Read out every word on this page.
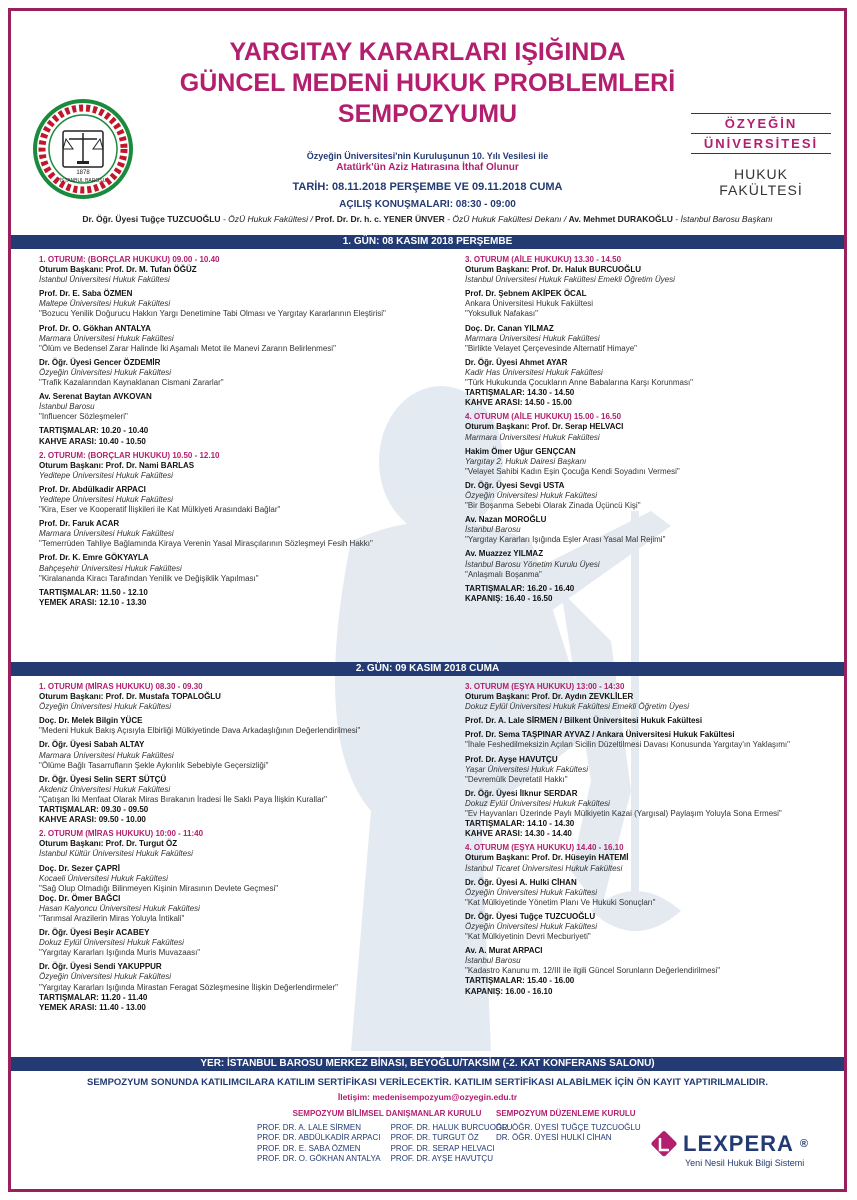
1878
İSTANBUL BAROSU
YARGITAY KARARLARI IŞIĞINDA
GÜNCEL MEDENİ HUKUK PROBLEMLERİ
SEMPOZYUMU	ÖZYEĞİN
ÜNİVERSİTESİ
HUKUK FAKÜLTESİ
Özyeğin Üniversitesi'nin Kuruluşunun 10. Yılı Vesilesi ile
Atatürk'ün Aziz Hatırasına İthaf Olunur
TARİH: 08.11.2018 PERŞEMBE VE 09.11.2018 CUMA
AÇILIŞ KONUŞMALARI: 08:30 - 09:00
Dr. Öğr. Üyesi Tuğçe TUZCUOĞLU - ÖzÜ Hukuk Fakültesi / Prof. Dr. Dr. h. c. YENER ÜNVER - ÖzÜ Hukuk Fakültesi Dekanı / Av. Mehmet DURAKOĞLU - İstanbul Barosu Başkanı
1. GÜN: 08 KASIM 2018 PERŞEMBE
1. OTURUM: (BORÇLAR HUKUKU) 09.00 - 10.40
Oturum Başkanı: Prof. Dr. M. Tufan ÖĞÜZ
İstanbul Üniversitesi Hukuk Fakültesi
Prof. Dr. E. Saba ÖZMEN
Maltepe Üniversitesi Hukuk Fakültesi
"Bozucu Yenilik Doğurucu Hakkın Yargı Denetimine Tabi Olması ve Yargıtay Kararlarının Eleştirisi"
Prof. Dr. O. Gökhan ANTALYA
Marmara Üniversitesi Hukuk Fakültesi
"Ölüm ve Bedensel Zarar Halinde İki Aşamalı Metot ile Manevi Zararın Belirlenmesi"
Dr. Öğr. Üyesi Gencer ÖZDEMİR
Özyeğin Üniversitesi Hukuk Fakültesi
"Trafik Kazalarından Kaynaklanan Cismani Zararlar"
Av. Serenat Baytan AVKOVAN
İstanbul Barosu
"Influencer Sözleşmeleri"
TARTIŞMALAR: 10.20 - 10.40
KAHVE ARASI: 10.40 - 10.50
2. OTURUM: (BORÇLAR HUKUKU) 10.50 - 12.10
Oturum Başkanı: Prof. Dr. Nami BARLAS
Yeditepe Üniversitesi Hukuk Fakültesi
Prof. Dr. Abdülkadir ARPACI
Yeditepe Üniversitesi Hukuk Fakültesi
"Kira, Eser ve Kooperatif İlişkileri ile Kat Mülkiyeti Arasındaki Bağlar"
Prof. Dr. Faruk ACAR
Marmara Üniversitesi Hukuk Fakültesi
"Temerrüden Tahliye Bağlamında Kiraya Verenin Yasal Mirasçılarının Sözleşmeyi Fesih Hakkı"
Prof. Dr. K. Emre GÖKYAYLA
Bahçeşehir Üniversitesi Hukuk Fakültesi
"Kiralananda Kiracı Tarafından Yenilik ve Değişiklik Yapılması"
TARTIŞMALAR: 11.50 - 12.10
YEMEK ARASI: 12.10 - 13.30
3. OTURUM (AİLE HUKUKU) 13.30 - 14.50
Oturum Başkanı: Prof. Dr. Haluk BURCUOĞLU
İstanbul Üniversitesi Hukuk Fakültesi Emekli Öğretim Üyesi
Prof. Dr. Şebnem AKİPEK ÖCAL
Ankara Üniversitesi Hukuk Fakültesi
"Yoksulluk Nafakası"
Doç. Dr. Canan YILMAZ
Marmara Üniversitesi Hukuk Fakültesi
"Birlikte Velayet Çerçevesinde Alternatif Himaye"
Dr. Öğr. Üyesi Ahmet AYAR
Kadir Has Üniversitesi Hukuk Fakültesi
"Türk Hukukunda Çocukların Anne Babalarına Karşı Korunması"
TARTIŞMALAR: 14.30 - 14.50
KAHVE ARASI: 14.50 - 15.00
4. OTURUM (AİLE HUKUKU) 15.00 - 16.50
Oturum Başkanı: Prof. Dr. Serap HELVACI
Marmara Üniversitesi Hukuk Fakültesi
Hakim Ömer Uğur GENÇCAN
Yargıtay 2. Hukuk Dairesi Başkanı
"Velayet Sahibi Kadın Eşin Çocuğa Kendi Soyadını Vermesi"
Dr. Öğr. Üyesi Sevgi USTA
Özyeğin Üniversitesi Hukuk Fakültesi
"Bir Boşanma Sebebi Olarak Zinada Üçüncü Kişi"
Av. Nazan MOROĞLU
İstanbul Barosu
"Yargıtay Kararları Işığında Eşler Arası Yasal Mal Rejimi"
Av. Muazzez YILMAZ
İstanbul Barosu Yönetim Kurulu Üyesi
"Anlaşmalı Boşanma"
TARTIŞMALAR: 16.20 - 16.40
KAPANIŞ: 16.40 - 16.50
2. GÜN: 09 KASIM 2018 CUMA
1. OTURUM (MİRAS HUKUKU) 08.30 - 09.30
Oturum Başkanı: Prof. Dr. Mustafa TOPALOĞLU
Özyeğin Üniversitesi Hukuk Fakültesi
Doç. Dr. Melek Bilgin YÜCE
"Medeni Hukuk Bakış Açısıyla Elbirliği Mülkiyetinde Dava Arkadaşlığının Değerlendirilmesi"
Dr. Öğr. Üyesi Sabah ALTAY
Marmara Üniversitesi Hukuk Fakültesi
"Ölüme Bağlı Tasarrufların Şekle Aykırılık Sebebiyle Geçersizliği"
Dr. Öğr. Üyesi Selin SERT SÜTÇÜ
Akdeniz Üniversitesi Hukuk Fakültesi
"Çatışan İki Menfaat Olarak Miras Bırakanın İradesi İle Saklı Paya İlişkin Kurallar"
TARTIŞMALAR: 09.30 - 09.50
KAHVE ARASI: 09.50 - 10.00
2. OTURUM (MİRAS HUKUKU) 10:00 - 11:40
Oturum Başkanı: Prof. Dr. Turgut ÖZ
İstanbul Kültür Üniversitesi Hukuk Fakültesi
Doç. Dr. Sezer ÇAPRİ
Kocaeli Üniversitesi Hukuk Fakültesi
"Sağ Olup Olmadığı Bilinmeyen Kişinin Mirasının Devlete Geçmesi"
Doç. Dr. Ömer BAĞCI
Hasan Kalyoncu Üniversitesi Hukuk Fakültesi
"Tarımsal Arazilerin Miras Yoluyla İntikali"
Dr. Öğr. Üyesi Beşir ACABEY
Dokuz Eylül Üniversitesi Hukuk Fakültesi
"Yargıtay Kararları Işığında Muris Muvazaası"
Dr. Öğr. Üyesi Sendi YAKUPPUR
Özyeğin Üniversitesi Hukuk Fakültesi
"Yargıtay Kararları Işığında Mirastan Feragat Sözleşmesine İlişkin Değerlendirmeler"
TARTIŞMALAR: 11.20 - 11.40
YEMEK ARASI: 11.40 - 13.00
3. OTURUM (EŞYA HUKUKU) 13:00 - 14:30
Oturum Başkanı: Prof. Dr. Aydın ZEVKLİLER
Dokuz Eylül Üniversitesi Hukuk Fakültesi Emekli Öğretim Üyesi
Prof. Dr. A. Lale SİRMEN / Bilkent Üniversitesi Hukuk Fakültesi
Prof. Dr. Sema TAŞPINAR AYVAZ / Ankara Üniversitesi Hukuk Fakültesi
"İhale Feshedilmeksizin Açılan Sicilin Düzeltilmesi Davası Konusunda Yargıtay'ın Yaklaşımı"
Prof. Dr. Ayşe HAVUTÇU
Yaşar Üniversitesi Hukuk Fakültesi
"Devremülk Devretatil Hakkı"
Dr. Öğr. Üyesi İlknur SERDAR
Dokuz Eylül Üniversitesi Hukuk Fakültesi
"Ev Hayvanları Üzerinde Paylı Mülkiyetin Kazai (Yargısal) Paylaşım Yoluyla Sona Ermesi"
TARTIŞMALAR: 14.10 - 14.30
KAHVE ARASI: 14.30 - 14.40
4. OTURUM (EŞYA HUKUKU) 14.40 - 16.10
Oturum Başkanı: Prof. Dr. Hüseyin HATEMİ
İstanbul Ticaret Üniversitesi Hukuk Fakültesi
Dr. Öğr. Üyesi A. Hulki CİHAN
Özyeğin Üniversitesi Hukuk Fakültesi
"Kat Mülkiyetinde Yönetim Planı Ve Hukuki Sonuçları"
Dr. Öğr. Üyesi Tuğçe TUZCUOĞLU
Özyeğin Üniversitesi Hukuk Fakültesi
"Kat Mülkiyetinin Devri Mecburiyeti"
Av. A. Murat ARPACI
İstanbul Barosu
"Kadastro Kanunu m. 12/III ile ilgili Güncel Sorunların Değerlendirilmesi"
TARTIŞMALAR: 15.40 - 16.00
KAPANIŞ: 16.00 - 16.10
YER: İSTANBUL BAROSU MERKEZ BİNASI, BEYOĞLU/TAKSİM (-2. KAT KONFERANS SALONU)
SEMPOZYUM SONUNDA KATILIMCILARA KATILIM SERTİFİKASI VERİLECEKTİR. KATILIM SERTİFİKASI ALABİLMEK İÇİN ÖN KAYIT YAPTIRILMALIDIR.
İletişim: medenisempozyum@ozyegin.edu.tr
SEMPOZYUM BİLİMSEL DANIŞMANLAR KURULU
PROF. DR. A. LALE SİRMEN
PROF. DR. ABDÜLKADİR ARPACI
PROF. DR. E. SABA ÖZMEN
PROF. DR. O. GÖKHAN ANTALYA
PROF. DR. HALUK BURCUOĞLU
PROF. DR. TURGUT ÖZ
PROF. DR. SERAP HELVACI
PROF. DR. AYŞE HAVUTÇU
SEMPOZYUM DÜZENLEME KURULU
DR. ÖĞR. ÜYESİ TUĞÇE TUZCUOĞLU
DR. ÖĞR. ÜYESİ HULKİ CİHAN	LEXPERA ®
Yeni Nesil Hukuk Bilgi Sistemi
